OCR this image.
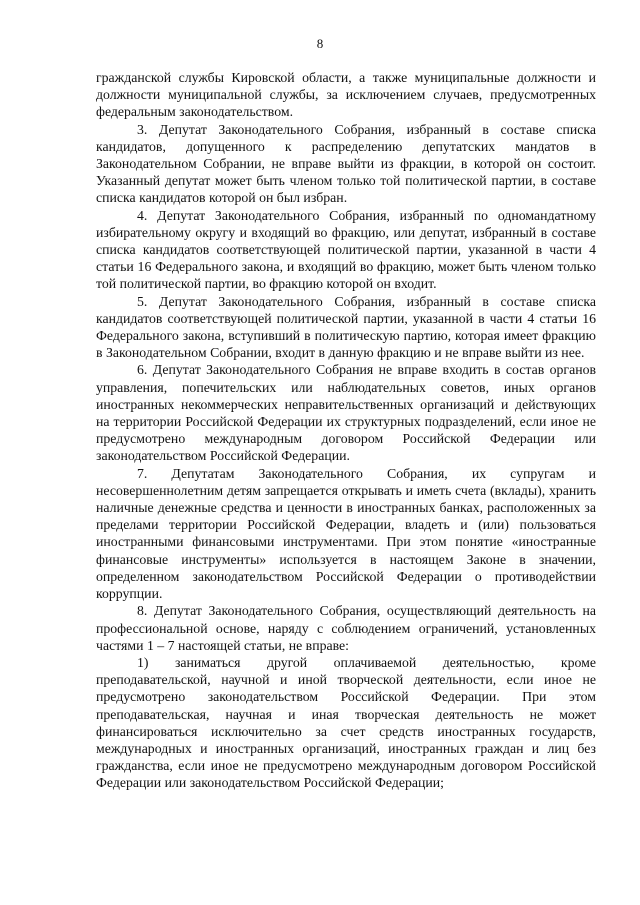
8

гражданской службы Кировской области, а также муниципальные должности и должности муниципальной службы, за исключением случаев, предусмотренных федеральным законодательством.

3. Депутат Законодательного Собрания, избранный в составе списка кандидатов, допущенного к распределению депутатских мандатов в Законодательном Собрании, не вправе выйти из фракции, в которой он состоит. Указанный депутат может быть членом только той политической партии, в составе списка кандидатов которой он был избран.

4. Депутат Законодательного Собрания, избранный по одномандатному избирательному округу и входящий во фракцию, или депутат, избранный в составе списка кандидатов соответствующей политической партии, указанной в части 4 статьи 16 Федерального закона, и входящий во фракцию, может быть членом только той политической партии, во фракцию которой он входит.

5. Депутат Законодательного Собрания, избранный в составе списка кандидатов соответствующей политической партии, указанной в части 4 статьи 16 Федерального закона, вступивший в политическую партию, которая имеет фракцию в Законодательном Собрании, входит в данную фракцию и не вправе выйти из нее.

6. Депутат Законодательного Собрания не вправе входить в состав органов управления, попечительских или наблюдательных советов, иных органов иностранных некоммерческих неправительственных организаций и действующих на территории Российской Федерации их структурных подразделений, если иное не предусмотрено международным договором Российской Федерации или законодательством Российской Федерации.

7. Депутатам Законодательного Собрания, их супругам и несовершеннолетним детям запрещается открывать и иметь счета (вклады), хранить наличные денежные средства и ценности в иностранных банках, расположенных за пределами территории Российской Федерации, владеть и (или) пользоваться иностранными финансовыми инструментами. При этом понятие «иностранные финансовые инструменты» используется в настоящем Законе в значении, определенном законодательством Российской Федерации о противодействии коррупции.

8. Депутат Законодательного Собрания, осуществляющий деятельность на профессиональной основе, наряду с соблюдением ограничений, установленных частями 1 – 7 настоящей статьи, не вправе:

1) заниматься другой оплачиваемой деятельностью, кроме преподавательской, научной и иной творческой деятельности, если иное не предусмотрено законодательством Российской Федерации. При этом преподавательская, научная и иная творческая деятельность не может финансироваться исключительно за счет средств иностранных государств, международных и иностранных организаций, иностранных граждан и лиц без гражданства, если иное не предусмотрено международным договором Российской Федерации или законодательством Российской Федерации;
